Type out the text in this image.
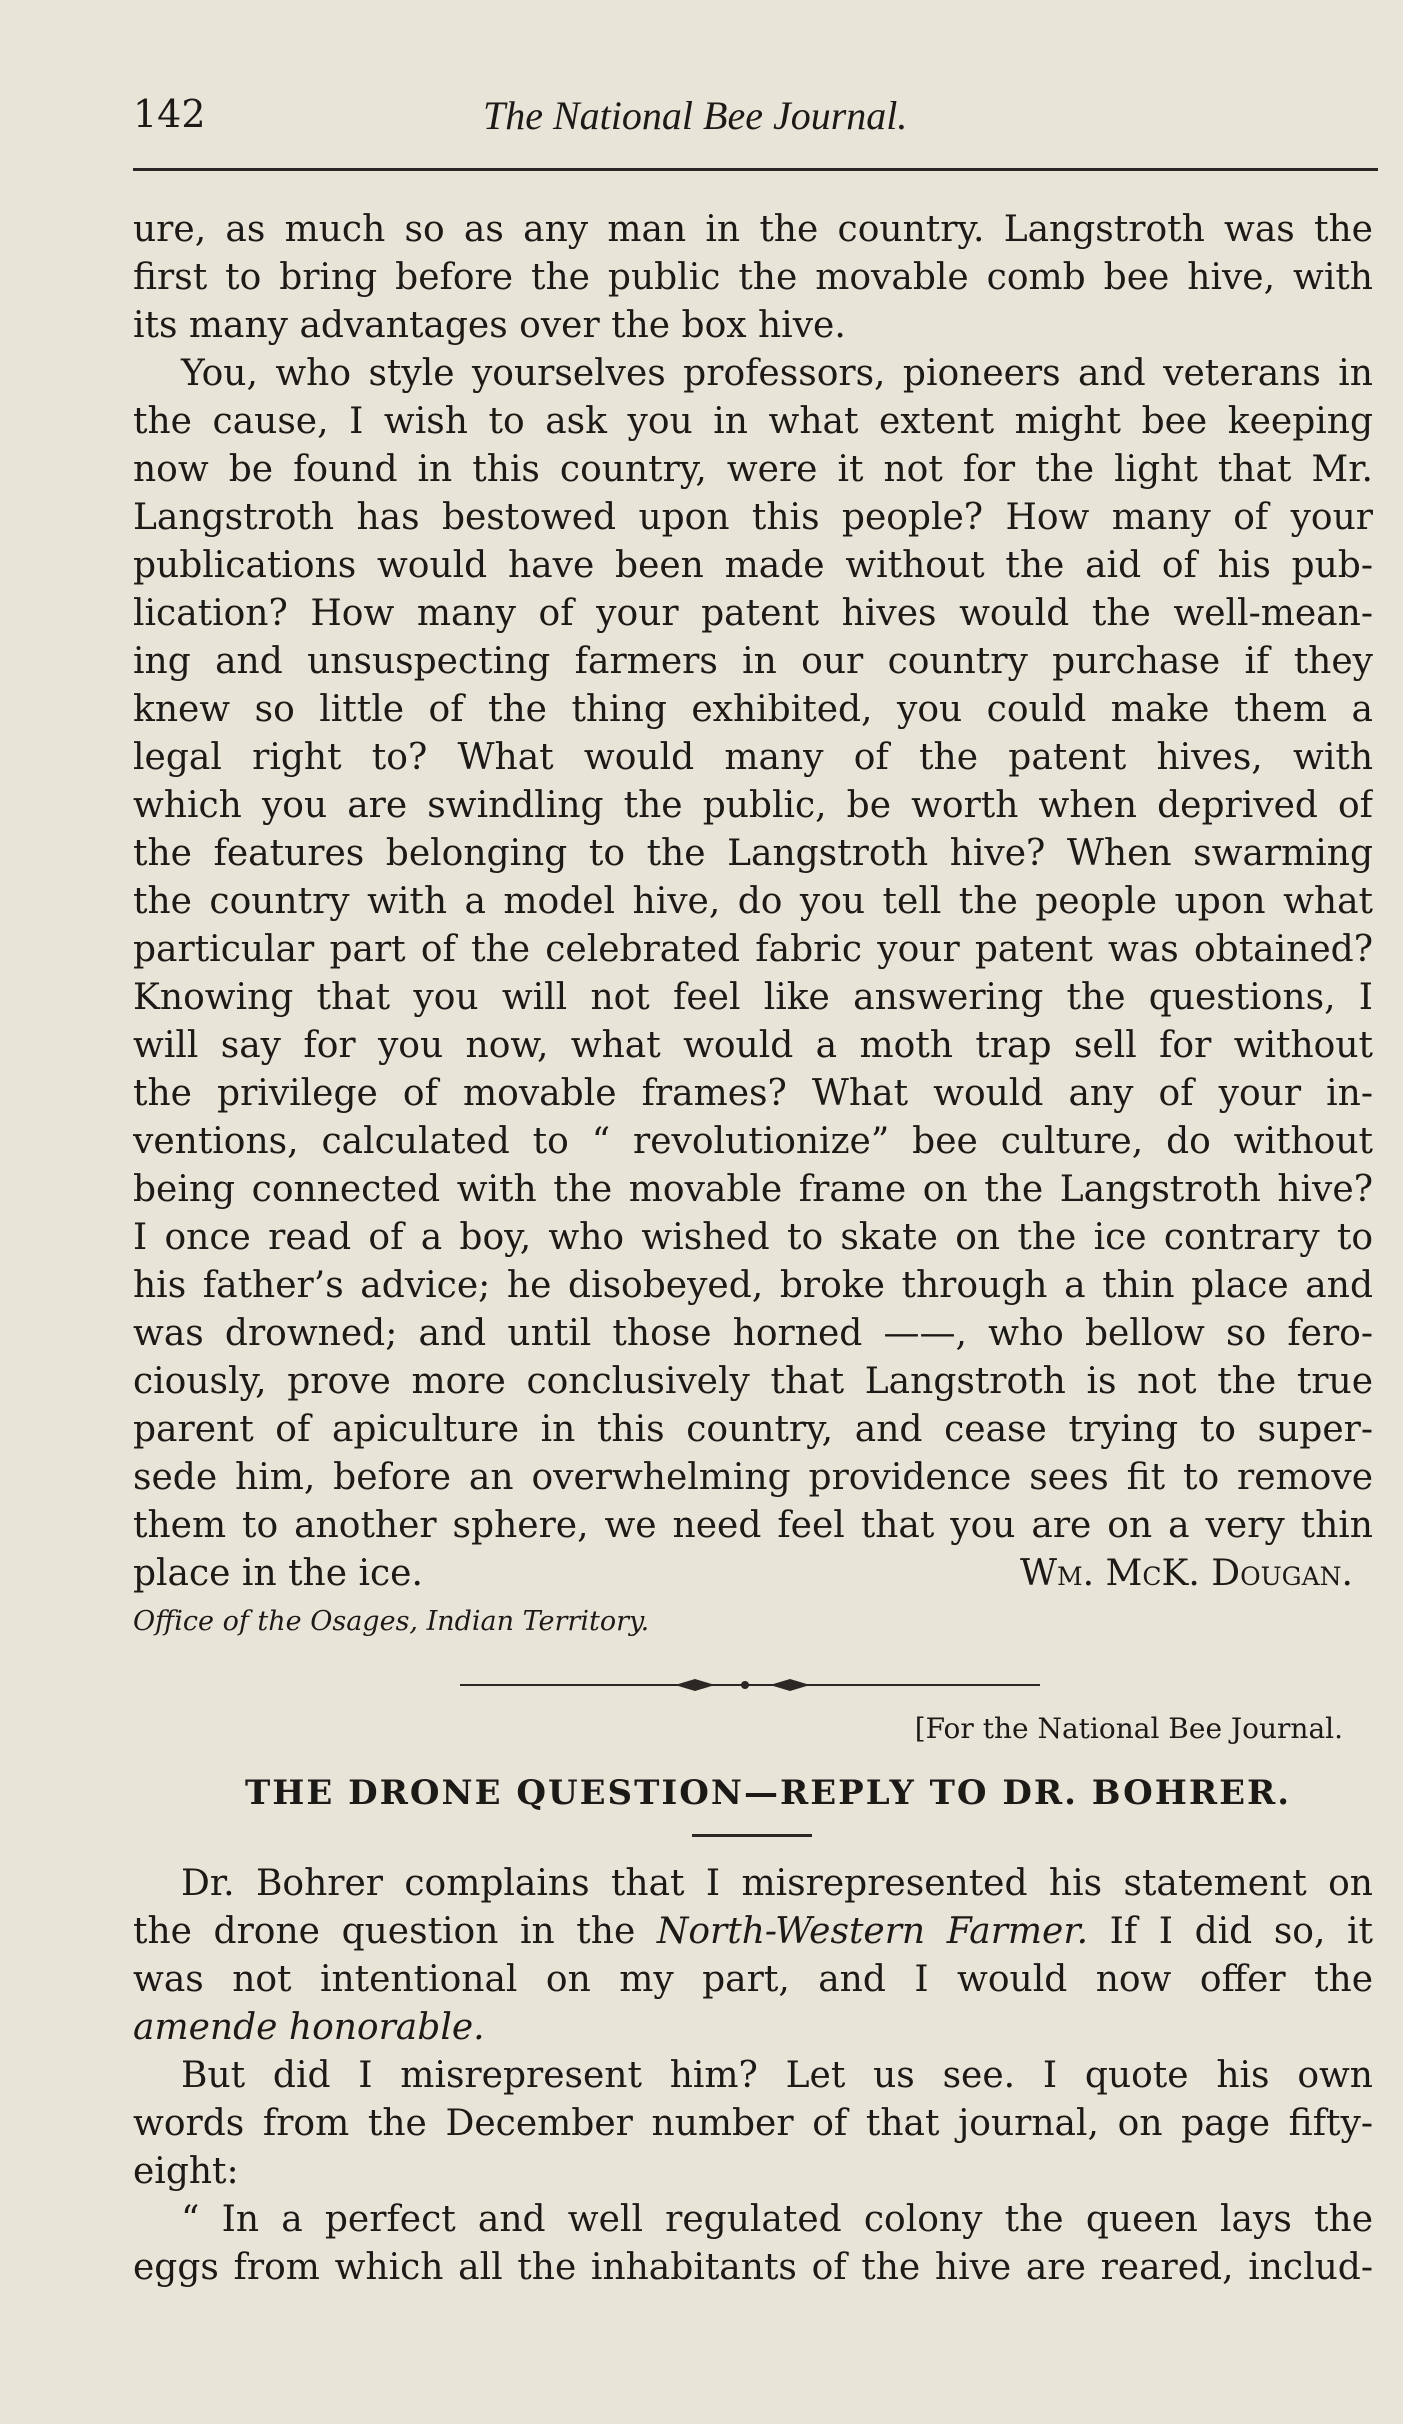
142	The National Bee Journal.
ure, as much so as any man in the country. Langstroth was the
first to bring before the public the movable comb bee hive, with
its many advantages over the box hive.
You, who style yourselves professors, pioneers and veterans in
the cause, I wish to ask you in what extent might bee keeping
now be found in this country, were it not for the light that Mr.
Langstroth has bestowed upon this people? How many of your
publications would have been made without the aid of his pub-
lication? How many of your patent hives would the well-mean-
ing and unsuspecting farmers in our country purchase if they
knew so little of the thing exhibited, you could make them a
legal right to? What would many of the patent hives, with
which you are swindling the public, be worth when deprived of
the features belonging to the Langstroth hive? When swarming
the country with a model hive, do you tell the people upon what
particular part of the celebrated fabric your patent was obtained?
Knowing that you will not feel like answering the questions, I
will say for you now, what would a moth trap sell for without
the privilege of movable frames? What would any of your in-
ventions, calculated to “ revolutionize” bee culture, do without
being connected with the movable frame on the Langstroth hive?
I once read of a boy, who wished to skate on the ice contrary to
his father’s advice; he disobeyed, broke through a thin place and
was drowned; and until those horned ——, who bellow so fero-
ciously, prove more conclusively that Langstroth is not the true
parent of apiculture in this country, and cease trying to super-
sede him, before an overwhelming providence sees fit to remove
them to another sphere, we need feel that you are on a very thin
place in the ice.	Wm. McK. Dougan.
Office of the Osages, Indian Territory.
[For the National Bee Journal.
THE DRONE QUESTION—REPLY TO DR. BOHRER.
Dr. Bohrer complains that I misrepresented his statement on
the drone question in the North-Western Farmer. If I did so, it
was not intentional on my part, and I would now offer the
amende honorable.
But did I misrepresent him? Let us see. I quote his own
words from the December number of that journal, on page fifty-
eight:
“ In a perfect and well regulated colony the queen lays the
eggs from which all the inhabitants of the hive are reared, includ-
